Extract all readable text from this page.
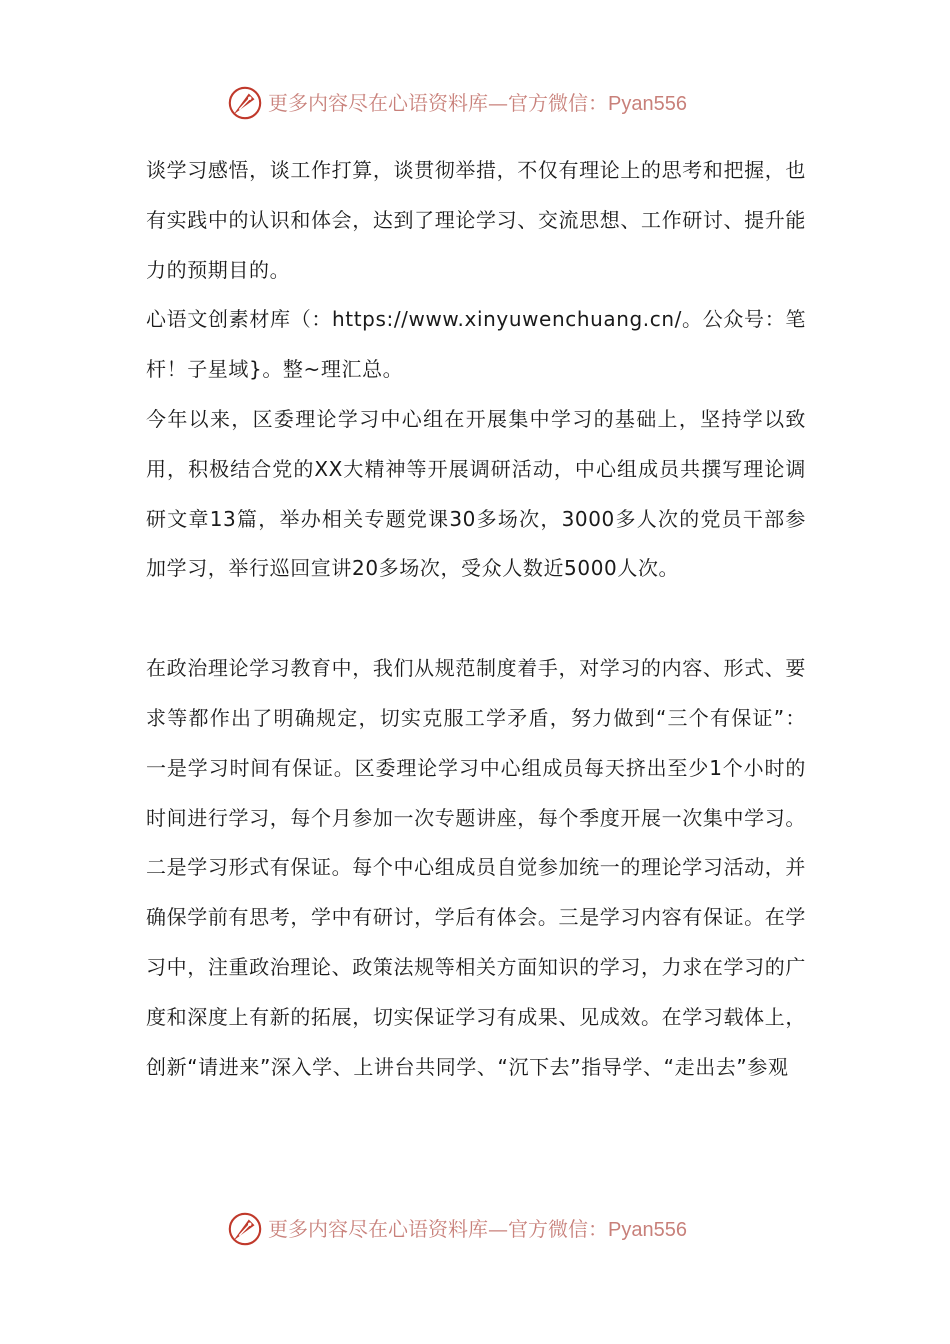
更多内容尽在心语资料库—官方微信：Pyan556

谈学习感悟，谈工作打算，谈贯彻举措，不仅有理论上的思考和把握，也有实践中的认识和体会，达到了理论学习、交流思想、工作研讨、提升能力的预期目的。

心语文创素材库（：https://www.xinyuwenchuang.cn/。公众号：笔杆！子星域}。整~理汇总。

今年以来，区委理论学习中心组在开展集中学习的基础上，坚持学以致用，积极结合党的XX大精神等开展调研活动，中心组成员共撰写理论调研文章13篇，举办相关专题党课30多场次，3000多人次的党员干部参加学习，举行巡回宣讲20多场次，受众人数近5000人次。

在政治理论学习教育中，我们从规范制度着手，对学习的内容、形式、要求等都作出了明确规定，切实克服工学矛盾，努力做到“三个有保证”：一是学习时间有保证。区委理论学习中心组成员每天挤出至少1个小时的时间进行学习，每个月参加一次专题讲座，每个季度开展一次集中学习。二是学习形式有保证。每个中心组成员自觉参加统一的理论学习活动，并确保学前有思考，学中有研讨，学后有体会。三是学习内容有保证。在学习中，注重政治理论、政策法规等相关方面知识的学习，力求在学习的广度和深度上有新的拓展，切实保证学习有成果、见成效。在学习载体上，创新“请进来”深入学、上讲台共同学、“沉下去”指导学、“走出去”参观

更多内容尽在心语资料库—官方微信：Pyan556
